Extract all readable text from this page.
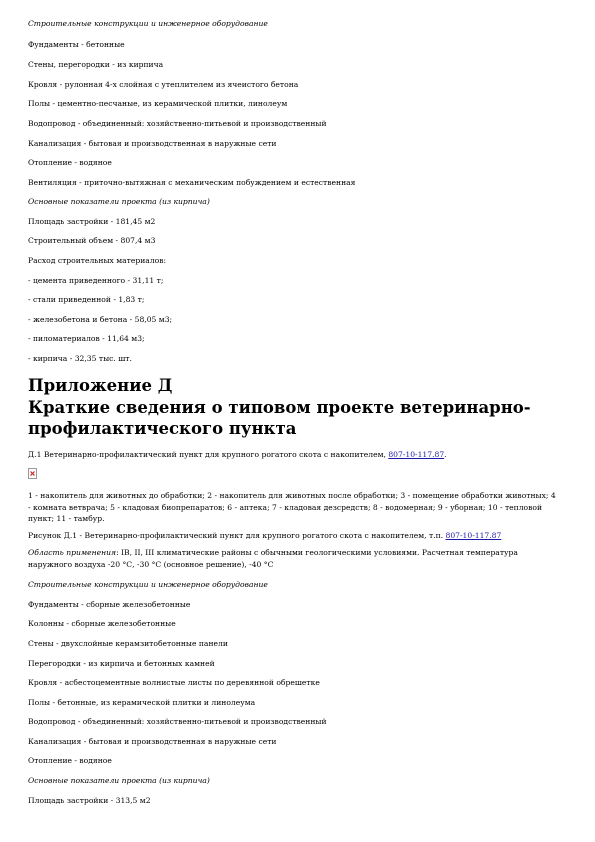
Строительные конструкции и инженерное оборудование
Фундаменты - бетонные
Стены, перегородки - из кирпича
Кровля - рулонная 4-х слойная с утеплителем из ячеистого бетона
Полы - цементно-песчаные, из керамической плитки, линолеум
Водопровод - объединенный: хозяйственно-питьевой и производственный
Канализация - бытовая и производственная в наружные сети
Отопление - водяное
Вентиляция - приточно-вытяжная с механическим побуждением и естественная
Основные показатели проекта (из кирпича)
Площадь застройки - 181,45 м2
Строительный объем - 807,4 м3
Расход строительных материалов:
- цемента приведенного - 31,11 т;
- стали приведенной - 1,83 т;
- железобетона и бетона - 58,05 м3;
- пиломатериалов - 11,64 м3;
- кирпича - 32,35 тыс. шт.
Приложение Д
Краткие сведения о типовом проекте ветеринарно-
профилактического пункта
Д.1 Ветеринарно-профилактический пункт для крупного рогатого скота с накопителем, 807-10-117.87.
1 - накопитель для животных до обработки; 2 - накопитель для животных после обработки; 3 - помещение обработки животных; 4 - комната ветврача; 5 - кладовая биопрепаратов; 6 - аптека; 7 - кладовая дезсредств; 8 - водомерная; 9 - уборная; 10 - тепловой пункт; 11 - тамбур.
Рисунок Д.1 - Ветеринарно-профилактический пункт для крупного рогатого скота с накопителем, т.п. 807-10-117.87
Область применения: IB, II, III климатические районы с обычными геологическими условиями. Расчетная температура наружного воздуха -20 °С, -30 °С (основное решение), -40 °С
Строительные конструкции и инженерное оборудование
Фундаменты - сборные железобетонные
Колонны - сборные железобетонные
Стены - двухслойные керамзитобетонные панели
Перегородки - из кирпича и бетонных камней
Кровля - асбестоцементные волнистые листы по деревянной обрешетке
Полы - бетонные, из керамической плитки и линолеума
Водопровод - объединенный: хозяйственно-питьевой и производственный
Канализация - бытовая и производственная в наружные сети
Отопление - водяное
Основные показатели проекта (из кирпича)
Площадь застройки - 313,5 м2
